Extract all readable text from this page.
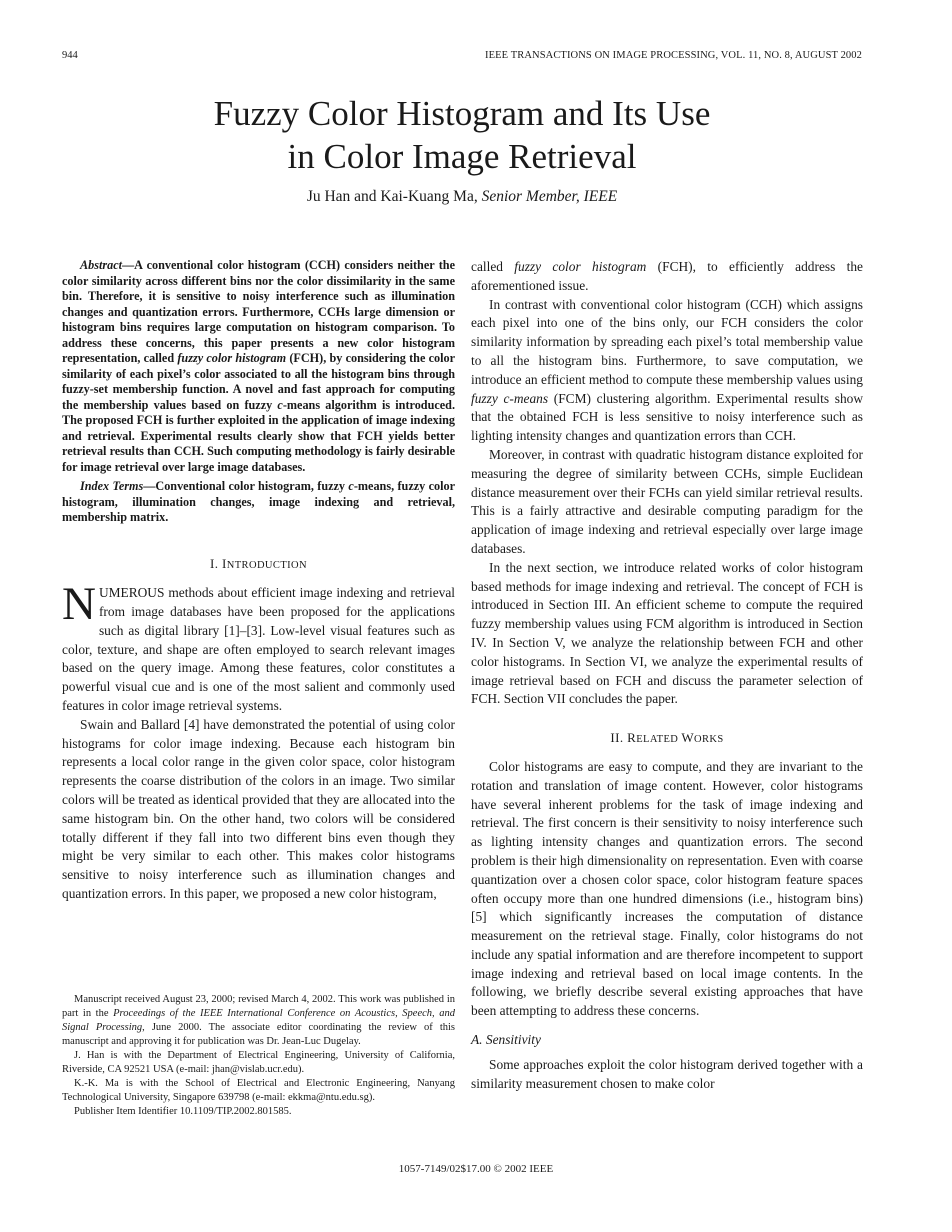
944	IEEE TRANSACTIONS ON IMAGE PROCESSING, VOL. 11, NO. 8, AUGUST 2002
Fuzzy Color Histogram and Its Use
in Color Image Retrieval
Ju Han and Kai-Kuang Ma, Senior Member, IEEE

Abstract—A conventional color histogram (CCH) considers neither the color similarity across different bins nor the color dissimilarity in the same bin. Therefore, it is sensitive to noisy interference such as illumination changes and quantization errors. Furthermore, CCHs large dimension or histogram bins requires large computation on histogram comparison. To address these concerns, this paper presents a new color histogram representation, called fuzzy color histogram (FCH), by considering the color similarity of each pixel’s color associated to all the histogram bins through fuzzy-set membership function. A novel and fast approach for computing the membership values based on fuzzy c-means algorithm is introduced. The proposed FCH is further exploited in the application of image indexing and retrieval. Experimental results clearly show that FCH yields better retrieval results than CCH. Such computing methodology is fairly desirable for image retrieval over large image databases.

Index Terms—Conventional color histogram, fuzzy c-means, fuzzy color histogram, illumination changes, image indexing and retrieval, membership matrix.

I. INTRODUCTION

NUMEROUS methods about efficient image indexing and retrieval from image databases have been proposed for the applications such as digital library [1]–[3]. Low-level visual features such as color, texture, and shape are often employed to search relevant images based on the query image. Among these features, color constitutes a powerful visual cue and is one of the most salient and commonly used features in color image retrieval systems.

Swain and Ballard [4] have demonstrated the potential of using color histograms for color image indexing. Because each histogram bin represents a local color range in the given color space, color histogram represents the coarse distribution of the colors in an image. Two similar colors will be treated as identical provided that they are allocated into the same histogram bin. On the other hand, two colors will be considered totally different if they fall into two different bins even though they might be very similar to each other. This makes color histograms sensitive to noisy interference such as illumination changes and quantization errors. In this paper, we proposed a new color histogram,

Manuscript received August 23, 2000; revised March 4, 2002. This work was published in part in the Proceedings of the IEEE International Conference on Acoustics, Speech, and Signal Processing, June 2000. The associate editor coordinating the review of this manuscript and approving it for publication was Dr. Jean-Luc Dugelay.

J. Han is with the Department of Electrical Engineering, University of California, Riverside, CA 92521 USA (e-mail: jhan@vislab.ucr.edu).

K.-K. Ma is with the School of Electrical and Electronic Engineering, Nanyang Technological University, Singapore 639798 (e-mail: ekkma@ntu.edu.sg).

Publisher Item Identifier 10.1109/TIP.2002.801585.

called fuzzy color histogram (FCH), to efficiently address the aforementioned issue.

In contrast with conventional color histogram (CCH) which assigns each pixel into one of the bins only, our FCH considers the color similarity information by spreading each pixel’s total membership value to all the histogram bins. Furthermore, to save computation, we introduce an efficient method to compute these membership values using fuzzy c-means (FCM) clustering algorithm. Experimental results show that the obtained FCH is less sensitive to noisy interference such as lighting intensity changes and quantization errors than CCH.

Moreover, in contrast with quadratic histogram distance exploited for measuring the degree of similarity between CCHs, simple Euclidean distance measurement over their FCHs can yield similar retrieval results. This is a fairly attractive and desirable computing paradigm for the application of image indexing and retrieval especially over large image databases.

In the next section, we introduce related works of color histogram based methods for image indexing and retrieval. The concept of FCH is introduced in Section III. An efficient scheme to compute the required fuzzy membership values using FCM algorithm is introduced in Section IV. In Section V, we analyze the relationship between FCH and other color histograms. In Section VI, we analyze the experimental results of image retrieval based on FCH and discuss the parameter selection of FCH. Section VII concludes the paper.

II. RELATED WORKS

Color histograms are easy to compute, and they are invariant to the rotation and translation of image content. However, color histograms have several inherent problems for the task of image indexing and retrieval. The first concern is their sensitivity to noisy interference such as lighting intensity changes and quantization errors. The second problem is their high dimensionality on representation. Even with coarse quantization over a chosen color space, color histogram feature spaces often occupy more than one hundred dimensions (i.e., histogram bins) [5] which significantly increases the computation of distance measurement on the retrieval stage. Finally, color histograms do not include any spatial information and are therefore incompetent to support image indexing and retrieval based on local image contents. In the following, we briefly describe several existing approaches that have been attempting to address these concerns.

A. Sensitivity

Some approaches exploit the color histogram derived together with a similarity measurement chosen to make color

1057-7149/02$17.00 © 2002 IEEE
